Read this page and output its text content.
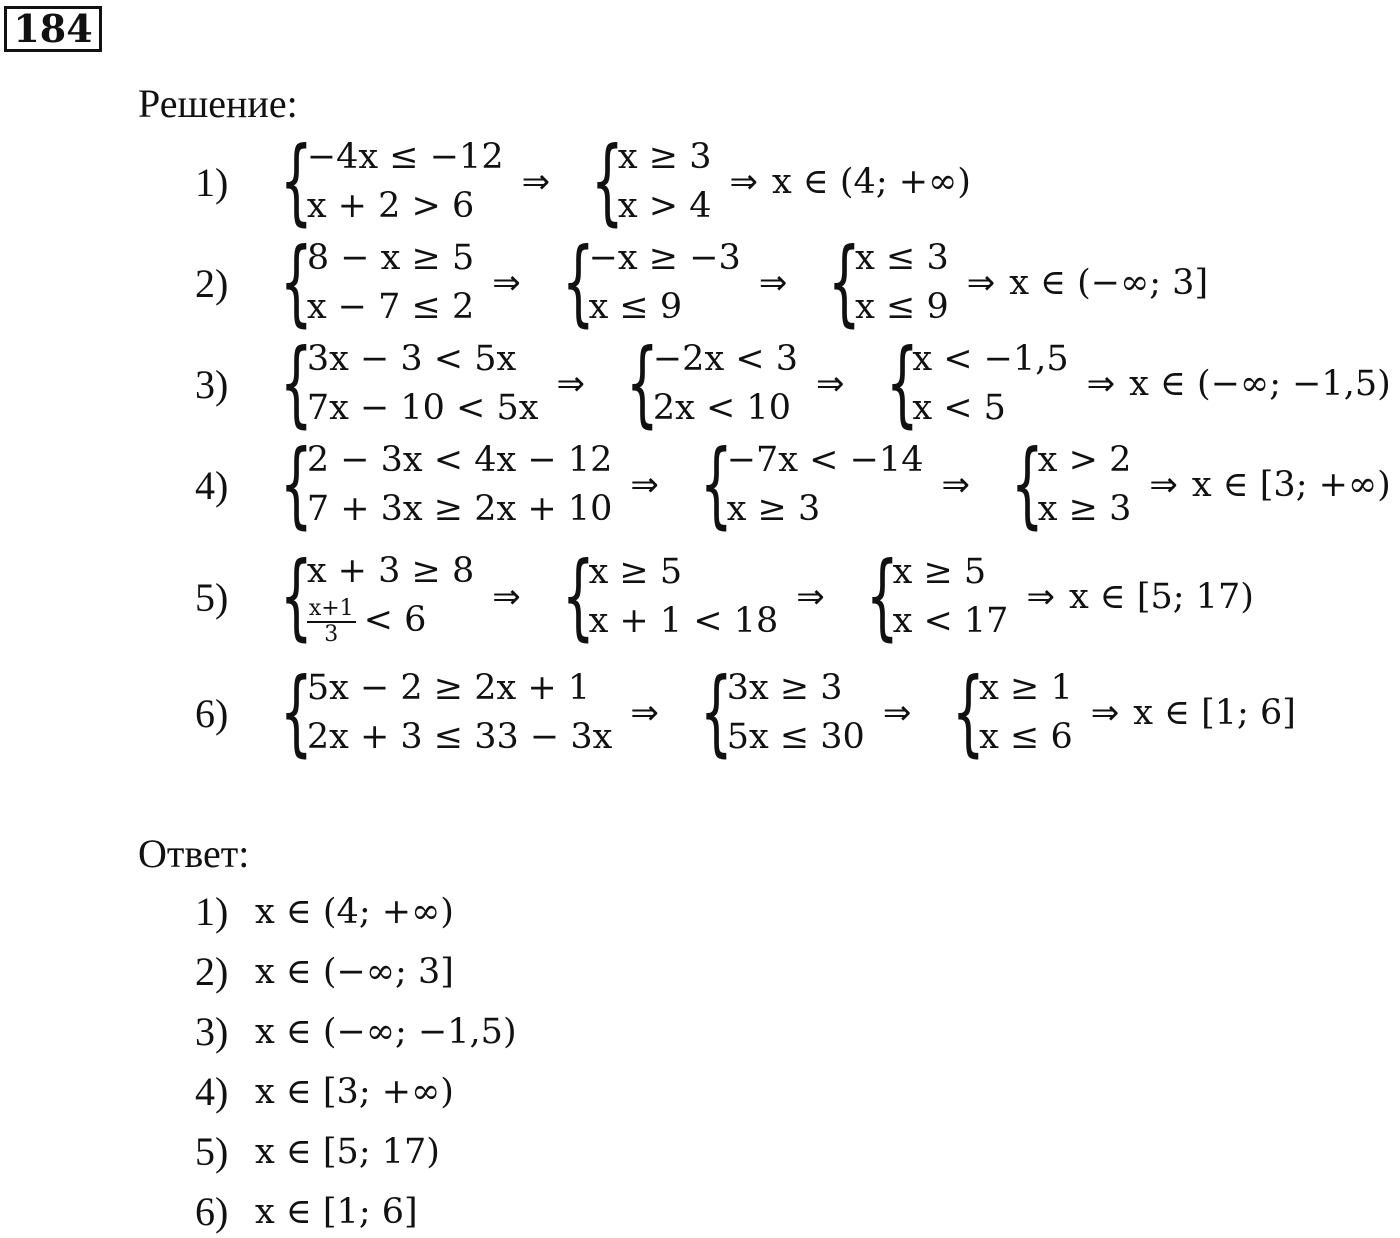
184
Решение:
1) {
−4x ≤ −12
x + 2 > 6
⇒ {
x ≥ 3
x > 4
⇒ x ∈ (4; +∞)
2) {
8 − x ≥ 5
x − 7 ≤ 2
⇒ {
−x ≥ −3
x ≤ 9
⇒ {
x ≤ 3
x ≤ 9
⇒ x ∈ (−∞; 3]
3) {
3x − 3 < 5x
7x − 10 < 5x
⇒ {
−2x < 3
2x < 10
⇒ {
x < −1,5
x < 5
⇒ x ∈ (−∞; −1,5)
4) {
2 − 3x < 4x − 12
7 + 3x ≥ 2x + 10
⇒ {
−7x < −14
x ≥ 3
⇒ {
x > 2
x ≥ 3
⇒ x ∈ [3; +∞)
5) {
x + 3 ≥ 8
$\frac{x+1}{3} < 6$
⇒ {
x ≥ 5
x + 1 < 18
⇒ {
x ≥ 5
x < 17
⇒ x ∈ [5; 17)
6) {
5x − 2 ≥ 2x + 1
2x + 3 ≤ 33 − 3x
⇒ {
3x ≥ 3
5x ≤ 30
⇒ {
x ≥ 1
x ≤ 6
⇒ x ∈ [1; 6]
Ответ:
1) x ∈ (4; +∞)
2) x ∈ (−∞; 3]
3) x ∈ (−∞; −1,5)
4) x ∈ [3; +∞)
5) x ∈ [5; 17)
6) x ∈ [1; 6]
